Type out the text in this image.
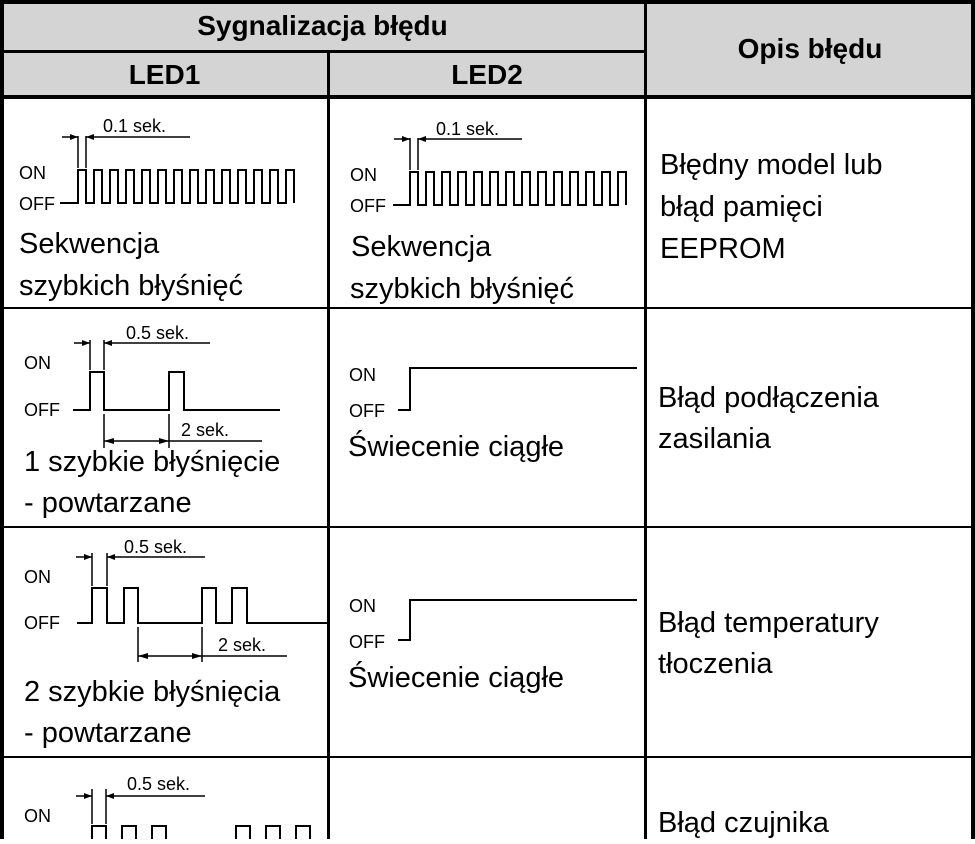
Sygnalizacja błędu
LED1	LED2
Opis błędu
0.1 sek.
ON
OFF
Sekwencja
szybkich błyśnięć
0.1 sek.
ON
OFF
Sekwencja
szybkich błyśnięć
Błędny model lub
błąd pamięci
EEPROM
0.5 sek.
ON
OFF
2 sek.
1 szybkie błyśnięcie
- powtarzane
ON
OFF
Świecenie ciągłe
Błąd podłączenia
zasilania
0.5 sek.
ON
OFF
2 sek.
2 szybkie błyśnięcia
- powtarzane
ON
OFF
Świecenie ciągłe
Błąd temperatury
tłoczenia
0.5 sek.
ON	Błąd czujnika
